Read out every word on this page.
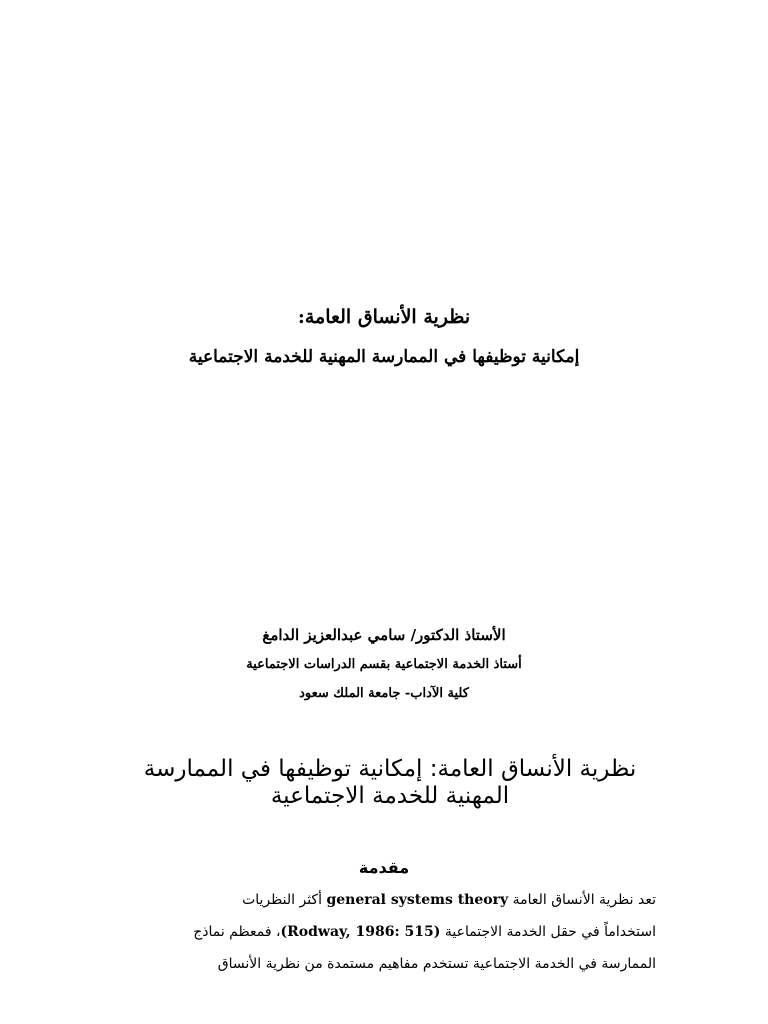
نظرية الأنساق العامة:
إمكانية توظيفها في الممارسة المهنية للخدمة الاجتماعية
الأستاذ الدكتور/ سامي عبدالعزيز الدامغ
أستاذ الخدمة الاجتماعية بقسم الدراسات الاجتماعية
كلية الآداب- جامعة الملك سعود
نظرية الأنساق العامة: إمكانية توظيفها في الممارسة المهنية للخدمة الاجتماعية
مقدمة
تعد نظرية الأنساق العامة general systems theory أكثر النظريات
استخداماً في حقل الخدمة الاجتماعية (Rodway, 1986: 515)، فمعظم نماذج
الممارسة في الخدمة الاجتماعية تستخدم مفاهيم مستمدة من نظرية الأنساق
